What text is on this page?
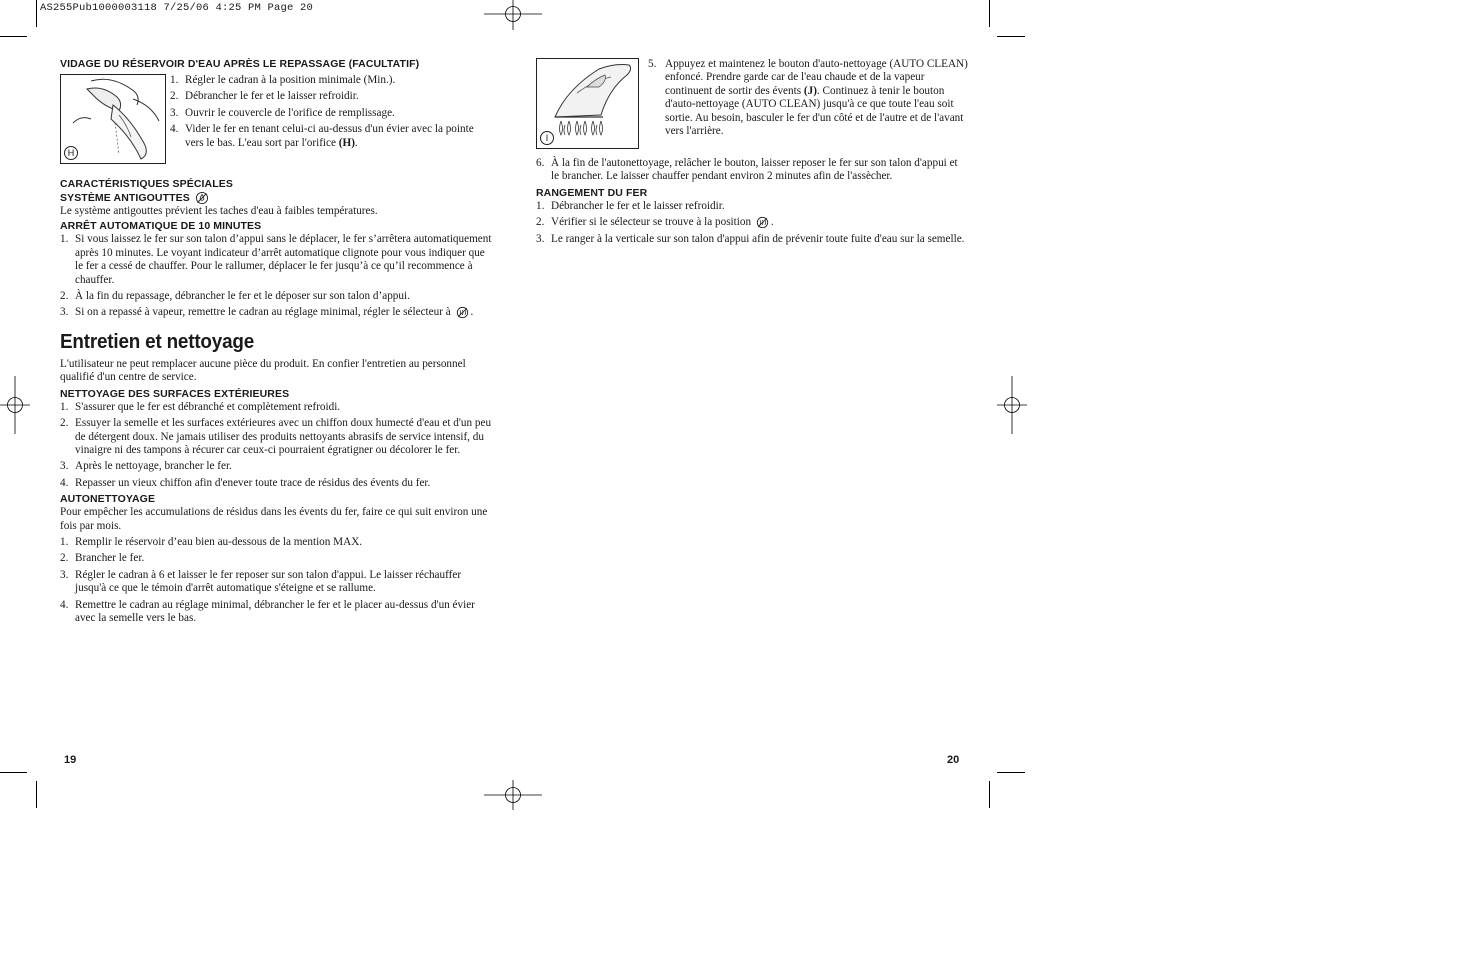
AS255Pub1000003118 7/25/06 4:25 PM Page 20
VIDAGE DU RÉSERVOIR D'EAU APRÈS LE REPASSAGE (FACULTATIF)
H
1. Régler le cadran à la position minimale (Min.).
2. Débrancher le fer et le laisser refroidir.
3. Ouvrir le couvercle de l'orifice de remplissage.
4. Vider le fer en tenant celui-ci au-dessus d'un évier avec la pointe vers le bas. L'eau sort par l'orifice (H).
CARACTÉRISTIQUES SPÉCIALES
SYSTÈME ANTIGOUTTES

Le système antigouttes prévient les taches d'eau à faibles températures.

ARRÊT AUTOMATIQUE DE 10 MINUTES
1. Si vous laissez le fer sur son talon d’appui sans le déplacer, le fer s’arrêtera automatiquement après 10 minutes. Le voyant indicateur d’arrêt automatique clignote pour vous indiquer que le fer a cessé de chauffer. Pour le rallumer, déplacer le fer jusqu’à ce qu’il recommence à chauffer.
2. À la fin du repassage, débrancher le fer et le déposer sur son talon d’appui.
3. Si on a repassé à vapeur, remettre le cadran au réglage minimal, régler le sélecteur à .
Entretien et nettoyage

L'utilisateur ne peut remplacer aucune pièce du produit. En confier l'entretien au personnel qualifié d'un centre de service.

NETTOYAGE DES SURFACES EXTÉRIEURES
1. S'assurer que le fer est débranché et complètement refroidi.
2. Essuyer la semelle et les surfaces extérieures avec un chiffon doux humecté d'eau et d'un peu de détergent doux. Ne jamais utiliser des produits nettoyants abrasifs de service intensif, du vinaigre ni des tampons à récurer car ceux-ci pourraient égratigner ou décolorer le fer.
3. Après le nettoyage, brancher le fer.
4. Repasser un vieux chiffon afin d'enever toute trace de résidus des évents du fer.
AUTONETTOYAGE

Pour empêcher les accumulations de résidus dans les évents du fer, faire ce qui suit environ une fois par mois.

1. Remplir le réservoir d’eau bien au-dessous de la mention MAX.
2. Brancher le fer.
3. Régler le cadran à 6 et laisser le fer reposer sur son talon d'appui. Le laisser réchauffer jusqu'à ce que le témoin d'arrêt automatique s'éteigne et se rallume.
4. Remettre le cadran au réglage minimal, débrancher le fer et le placer au-dessus d'un évier avec la semelle vers le bas.
I
5. Appuyez et maintenez le bouton d'auto-nettoyage (AUTO CLEAN) enfoncé. Prendre garde car de l'eau chaude et de la vapeur continuent de sortir des évents (J). Continuez à tenir le bouton d'auto-nettoyage (AUTO CLEAN) jusqu'à ce que toute l'eau soit sortie. Au besoin, basculer le fer d'un côté et de l'autre et de l'avant vers l'arrière.
6. À la fin de l'autonettoyage, relâcher le bouton, laisser reposer le fer sur son talon d'appui et le brancher. Le laisser chauffer pendant environ 2 minutes afin de l'assècher.
RANGEMENT DU FER
1. Débrancher le fer et le laisser refroidir.
2. Vérifier si le sélecteur se trouve à la position .
3. Le ranger à la verticale sur son talon d'appui afin de prévenir toute fuite d'eau sur la semelle.
19	20
